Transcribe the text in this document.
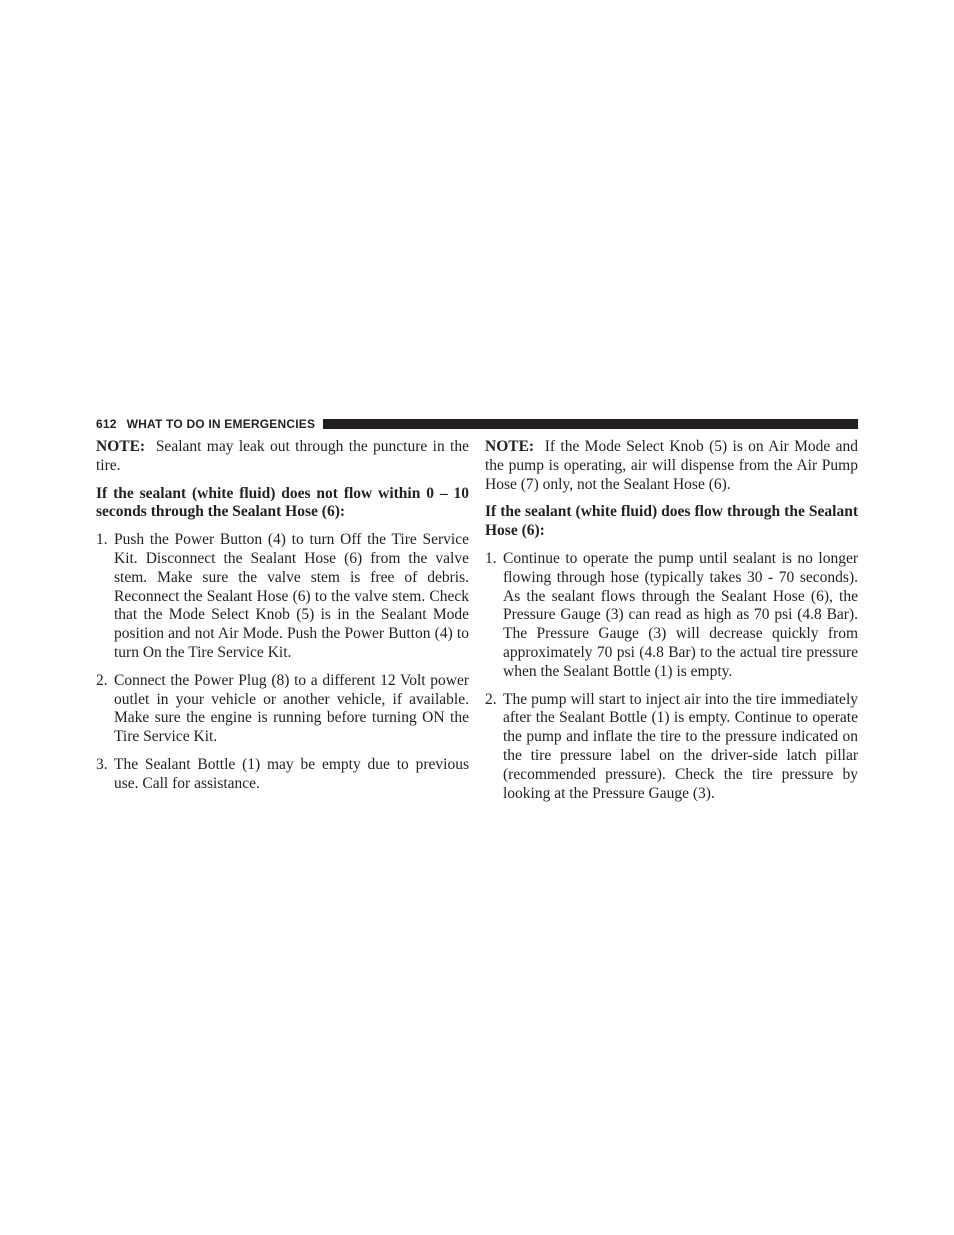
612 WHAT TO DO IN EMERGENCIES

NOTE: Sealant may leak out through the puncture in the tire.

If the sealant (white fluid) does not flow within 0 – 10 seconds through the Sealant Hose (6):

1. Push the Power Button (4) to turn Off the Tire Service Kit. Disconnect the Sealant Hose (6) from the valve stem. Make sure the valve stem is free of debris. Reconnect the Sealant Hose (6) to the valve stem. Check that the Mode Select Knob (5) is in the Sealant Mode position and not Air Mode. Push the Power Button (4) to turn On the Tire Service Kit.
2. Connect the Power Plug (8) to a different 12 Volt power outlet in your vehicle or another vehicle, if available. Make sure the engine is running before turning ON the Tire Service Kit.
3. The Sealant Bottle (1) may be empty due to previous use. Call for assistance.

NOTE: If the Mode Select Knob (5) is on Air Mode and the pump is operating, air will dispense from the Air Pump Hose (7) only, not the Sealant Hose (6).

If the sealant (white fluid) does flow through the Sealant Hose (6):

1. Continue to operate the pump until sealant is no longer flowing through hose (typically takes 30 - 70 seconds). As the sealant flows through the Sealant Hose (6), the Pressure Gauge (3) can read as high as 70 psi (4.8 Bar). The Pressure Gauge (3) will decrease quickly from approximately 70 psi (4.8 Bar) to the actual tire pressure when the Sealant Bottle (1) is empty.
2. The pump will start to inject air into the tire immediately after the Sealant Bottle (1) is empty. Continue to operate the pump and inflate the tire to the pressure indicated on the tire pressure label on the driver-side latch pillar (recommended pressure). Check the tire pressure by looking at the Pressure Gauge (3).
